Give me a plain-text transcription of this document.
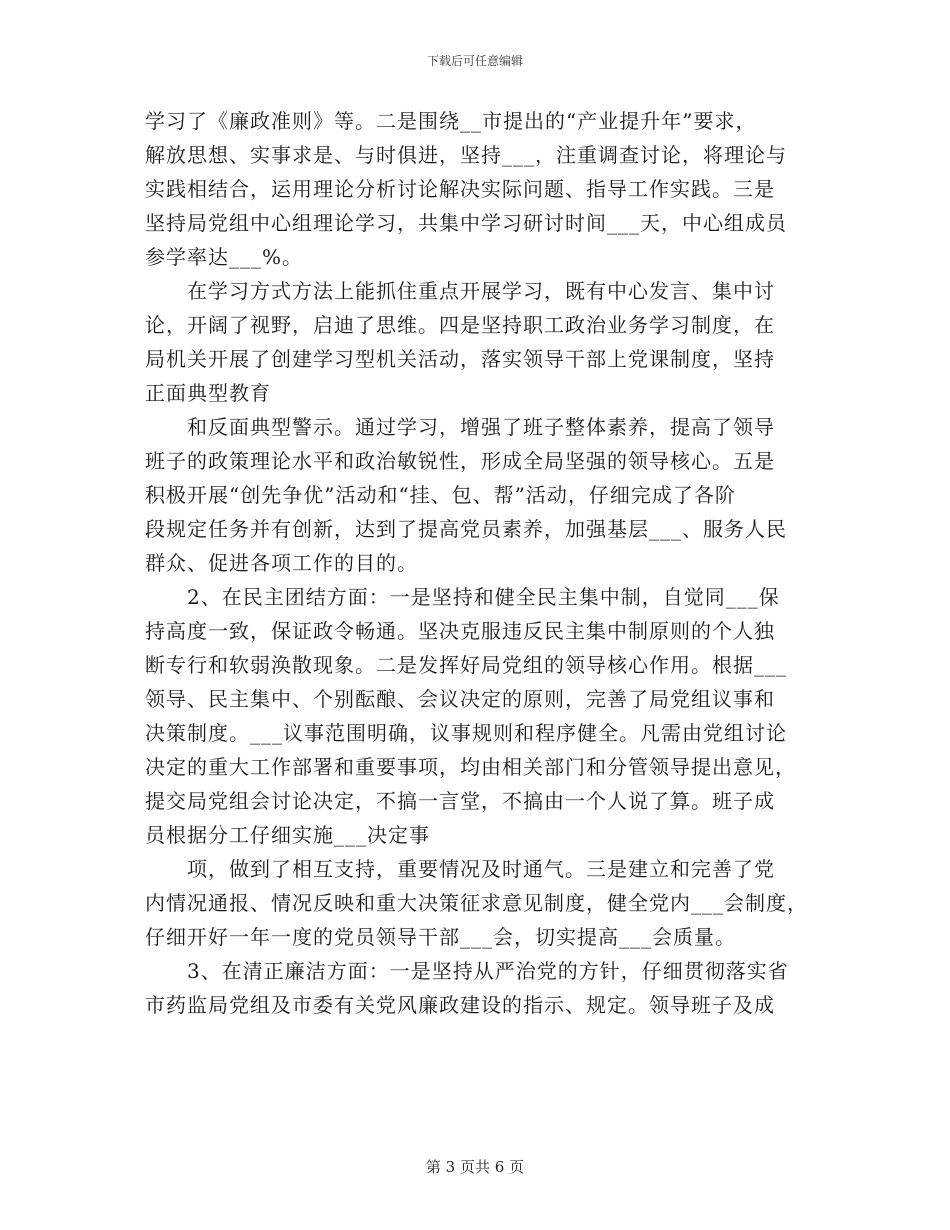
下载后可任意编辑
学习了《廉政准则》等。二是围绕__市提出的“产业提升年”要求，
解放思想、实事求是、与时俱进，坚持___，注重调查讨论，将理论与
实践相结合，运用理论分析讨论解决实际问题、指导工作实践。三是
坚持局党组中心组理论学习，共集中学习研讨时间___天，中心组成员
参学率达___%。
在学习方式方法上能抓住重点开展学习，既有中心发言、集中讨
论，开阔了视野，启迪了思维。四是坚持职工政治业务学习制度，在
局机关开展了创建学习型机关活动，落实领导干部上党课制度，坚持
正面典型教育
和反面典型警示。通过学习，增强了班子整体素养，提高了领导
班子的政策理论水平和政治敏锐性，形成全局坚强的领导核心。五是
积极开展“创先争优”活动和“挂、包、帮”活动，仔细完成了各阶
段规定任务并有创新，达到了提高党员素养，加强基层___、服务人民
群众、促进各项工作的目的。
2、在民主团结方面：一是坚持和健全民主集中制，自觉同___保
持高度一致，保证政令畅通。坚决克服违反民主集中制原则的个人独
断专行和软弱涣散现象。二是发挥好局党组的领导核心作用。根据___
领导、民主集中、个别酝酿、会议决定的原则，完善了局党组议事和
决策制度。___议事范围明确，议事规则和程序健全。凡需由党组讨论
决定的重大工作部署和重要事项，均由相关部门和分管领导提出意见，
提交局党组会讨论决定，不搞一言堂，不搞由一个人说了算。班子成
员根据分工仔细实施___决定事
项，做到了相互支持，重要情况及时通气。三是建立和完善了党
内情况通报、情况反映和重大决策征求意见制度，健全党内___会制度，
仔细开好一年一度的党员领导干部___会，切实提高___会质量。
3、在清正廉洁方面：一是坚持从严治党的方针，仔细贯彻落实省
市药监局党组及市委有关党风廉政建设的指示、规定。领导班子及成
第 3 页共 6 页
